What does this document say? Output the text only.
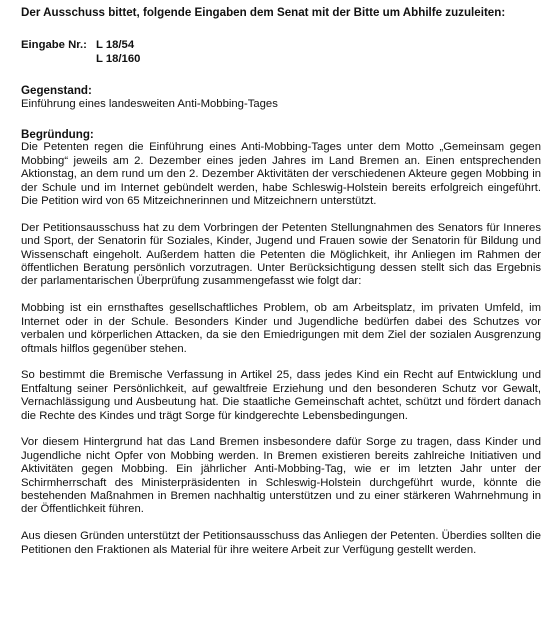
Der Ausschuss bittet, folgende Eingaben dem Senat mit der Bitte um Abhilfe zuzuleiten:

Eingabe Nr.: L 18/54
L 18/160

Gegenstand:

Einführung eines landesweiten Anti-Mobbing-Tages

Begründung:

Die Petenten regen die Einführung eines Anti-Mobbing-Tages unter dem Motto „Gemeinsam gegen Mobbing“ jeweils am 2. Dezember eines jeden Jahres im Land Bremen an. Einen entsprechenden Aktionstag, an dem rund um den 2. Dezember Aktivitäten der verschiedenen Akteure gegen Mobbing in der Schule und im Internet gebündelt werden, habe Schleswig-Holstein bereits erfolgreich eingeführt. Die Petition wird von 65 Mitzeichnerinnen und Mitzeichnern unterstützt.

Der Petitionsausschuss hat zu dem Vorbringen der Petenten Stellungnahmen des Senators für Inneres und Sport, der Senatorin für Soziales, Kinder, Jugend und Frauen sowie der Senatorin für Bildung und Wissenschaft eingeholt. Außerdem hatten die Petenten die Möglichkeit, ihr Anliegen im Rahmen der öffentlichen Beratung persönlich vorzutragen. Unter Berücksichtigung dessen stellt sich das Ergebnis der parlamentarischen Überprüfung zusammengefasst wie folgt dar:

Mobbing ist ein ernsthaftes gesellschaftliches Problem, ob am Arbeitsplatz, im privaten Umfeld, im Internet oder in der Schule. Besonders Kinder und Jugendliche bedürfen dabei des Schutzes vor verbalen und körperlichen Attacken, da sie den Emiedrigungen mit dem Ziel der sozialen Ausgrenzung oftmals hilflos gegenüber stehen.

So bestimmt die Bremische Verfassung in Artikel 25, dass jedes Kind ein Recht auf Entwicklung und Entfaltung seiner Persönlichkeit, auf gewaltfreie Erziehung und den besonderen Schutz vor Gewalt, Vernachlässigung und Ausbeutung hat. Die staatliche Gemeinschaft achtet, schützt und fördert danach die Rechte des Kindes und trägt Sorge für kindgerechte Lebensbedingungen.

Vor diesem Hintergrund hat das Land Bremen insbesondere dafür Sorge zu tragen, dass Kinder und Jugendliche nicht Opfer von Mobbing werden. In Bremen existieren bereits zahlreiche Initiativen und Aktivitäten gegen Mobbing. Ein jährlicher Anti-Mobbing-Tag, wie er im letzten Jahr unter der Schirmherrschaft des Ministerpräsidenten in Schleswig-Holstein durchgeführt wurde, könnte die bestehenden Maßnahmen in Bremen nachhaltig unterstützen und zu einer stärkeren Wahrnehmung in der Öffentlichkeit führen.

Aus diesen Gründen unterstützt der Petitionsausschuss das Anliegen der Petenten. Überdies sollten die Petitionen den Fraktionen als Material für ihre weitere Arbeit zur Verfügung gestellt werden.
